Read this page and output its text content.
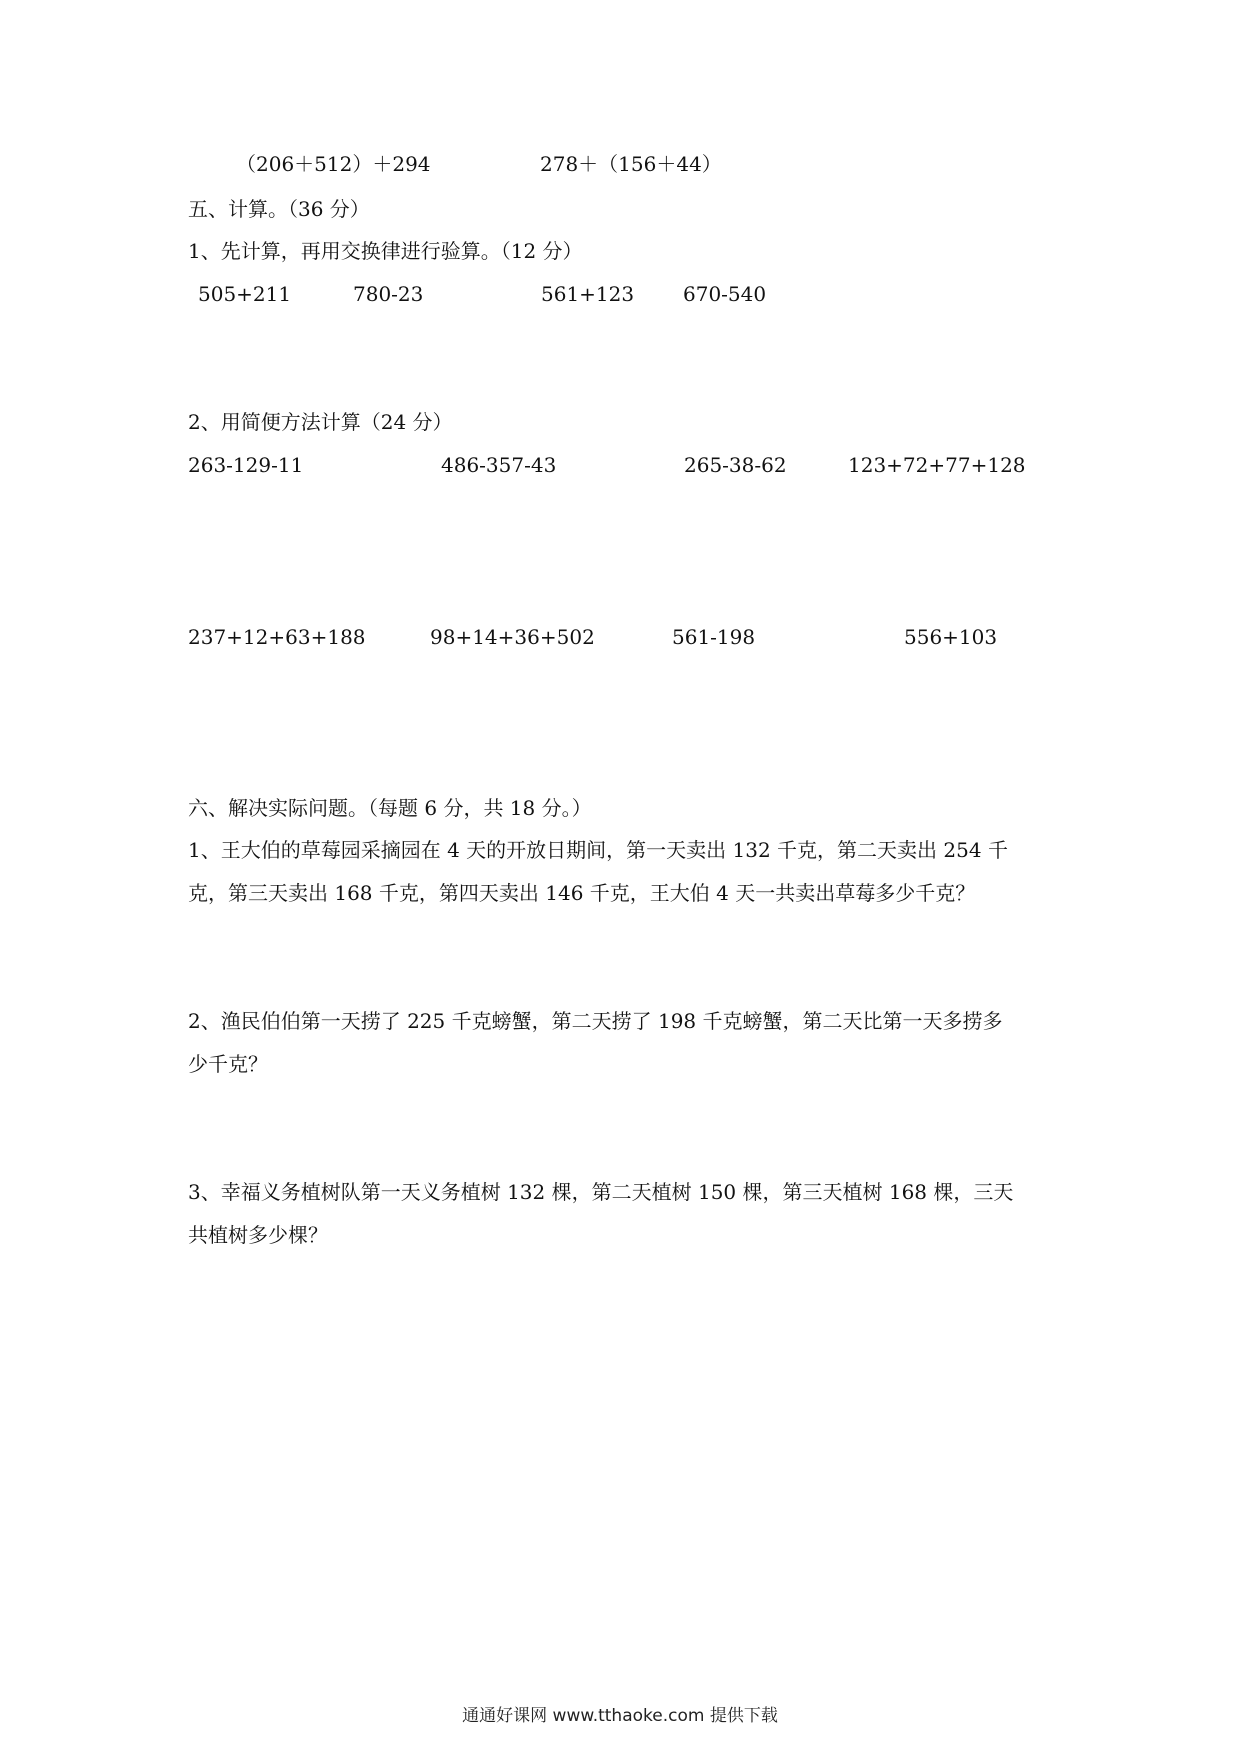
（206＋512）＋294	278＋（156＋44）
五、计算。（36 分）
1、先计算，再用交换律进行验算。（12 分）
505+211	780-23	561+123 670-540
2、用简便方法计算（24 分）
263-129-11	486-357-43	265-38-62	123+72+77+128
237+12+63+188	98+14+36+502	561-198	556+103
六、解决实际问题。（每题 6 分，共 18 分。）
1、王大伯的草莓园采摘园在 4 天的开放日期间，第一天卖出 132 千克，第二天卖出 254 千
克，第三天卖出 168 千克，第四天卖出 146 千克，王大伯 4 天一共卖出草莓多少千克？
2、渔民伯伯第一天捞了 225 千克螃蟹，第二天捞了 198 千克螃蟹，第二天比第一天多捞多
少千克？
3、幸福义务植树队第一天义务植树 132 棵，第二天植树 150 棵，第三天植树 168 棵，三天
共植树多少棵？
通通好课网 www.tthaoke.com 提供下载
